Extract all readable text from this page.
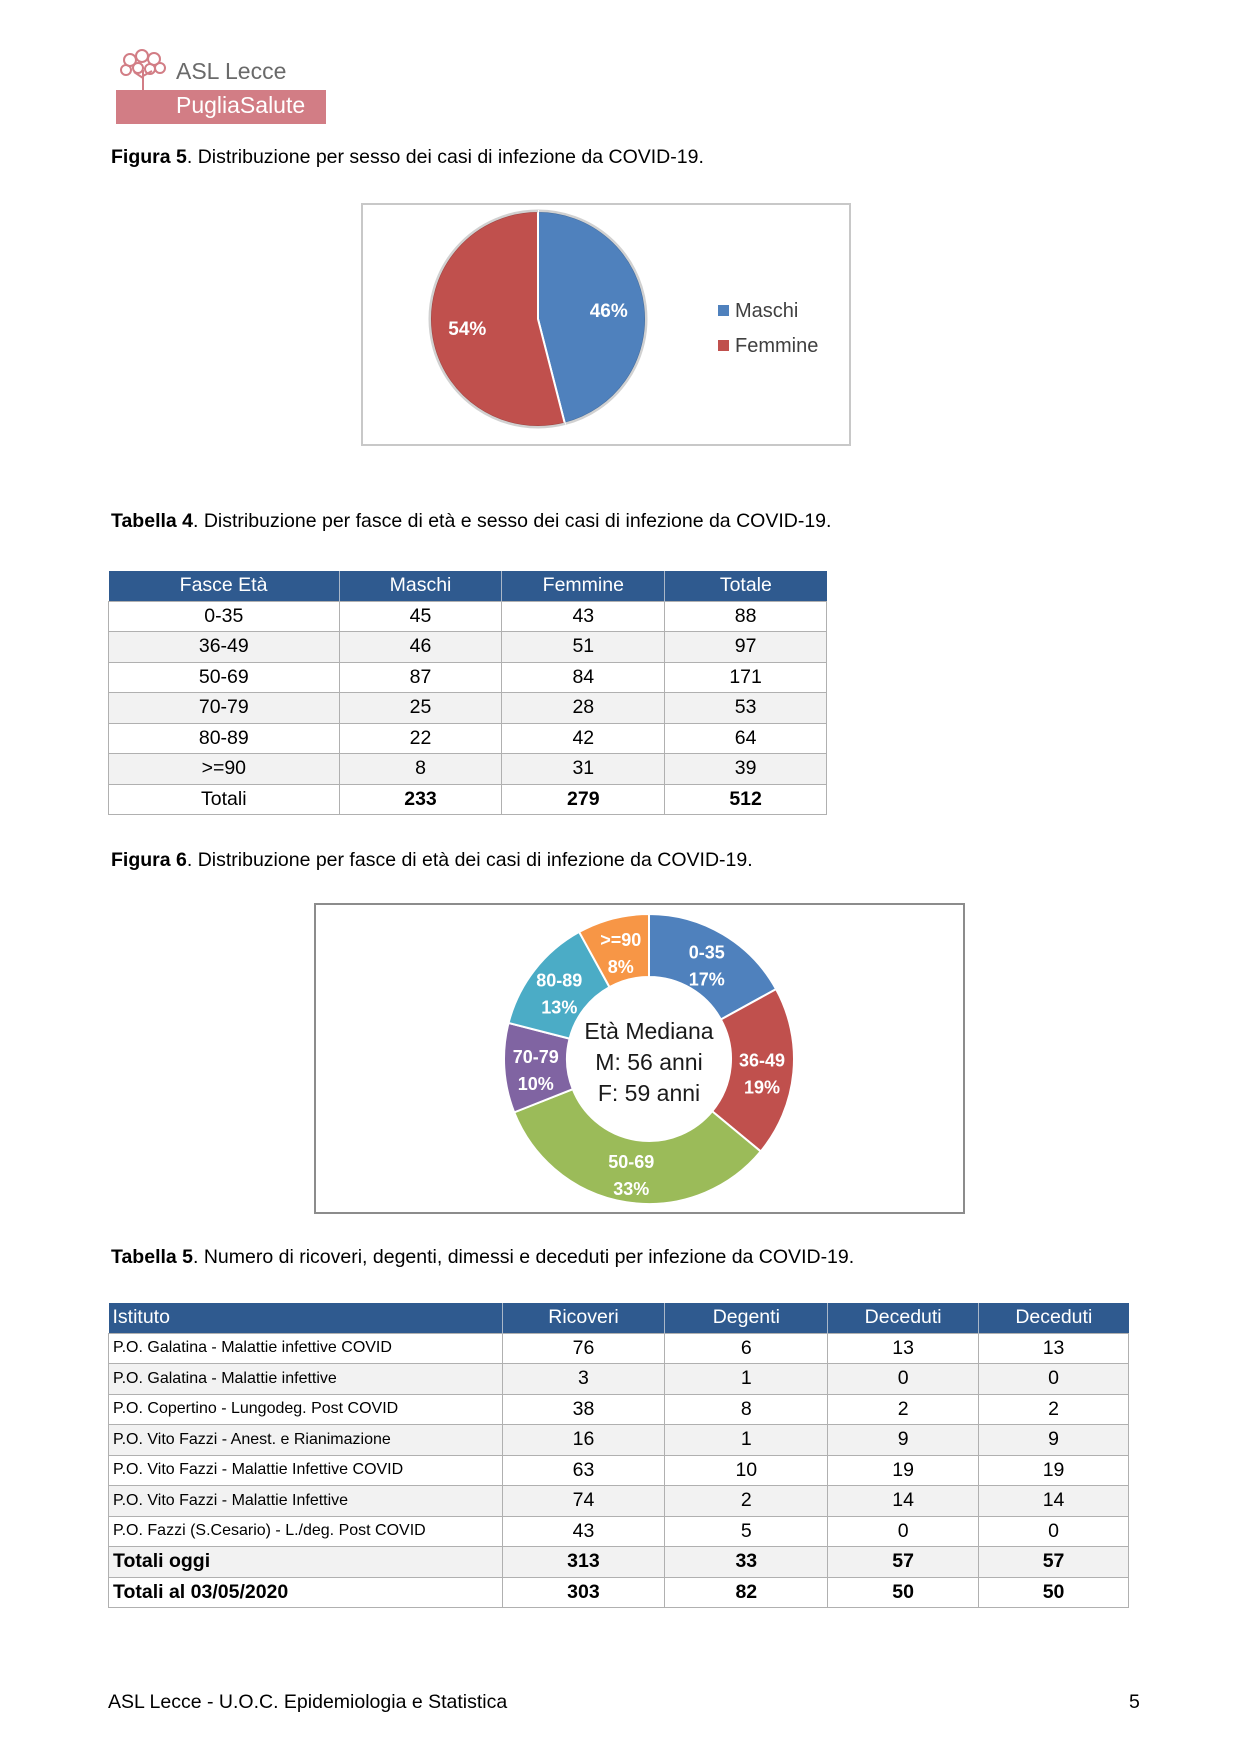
ASL Lecce
PugliaSalute
Figura 5. Distribuzione per sesso dei casi di infezione da COVID-19.
46%
54%
Maschi
Femmine
Tabella 4. Distribuzione per fasce di età e sesso dei casi di infezione da COVID-19.
Fasce Età	Maschi	Femmine	Totale
0-35	45	43	88
36-49	46	51	97
50-69	87	84	171
70-79	25	28	53
80-89	22	42	64
>=90	8	31	39
Totali	233	279	512
Figura 6. Distribuzione per fasce di età dei casi di infezione da COVID-19.
0-35
17%
36-49
19%
50-69
33%
70-79
10%
80-89
13%
>=90
8%
Età Mediana
M: 56 anni
F: 59 anni
Tabella 5. Numero di ricoveri, degenti, dimessi e deceduti per infezione da COVID-19.
Istituto	Ricoveri	Degenti	Deceduti	Deceduti
P.O. Galatina - Malattie infettive COVID	76	6	13	13
P.O. Galatina - Malattie infettive	3	1	0	0
P.O. Copertino - Lungodeg. Post COVID	38	8	2	2
P.O. Vito Fazzi - Anest. e Rianimazione	16	1	9	9
P.O. Vito Fazzi - Malattie Infettive COVID	63	10	19	19
P.O. Vito Fazzi - Malattie Infettive	74	2	14	14
P.O. Fazzi (S.Cesario) - L./deg. Post COVID	43	5	0	0
Totali oggi	313	33	57	57
Totali al 03/05/2020	303	82	50	50
ASL Lecce - U.O.C. Epidemiologia e Statistica	5
